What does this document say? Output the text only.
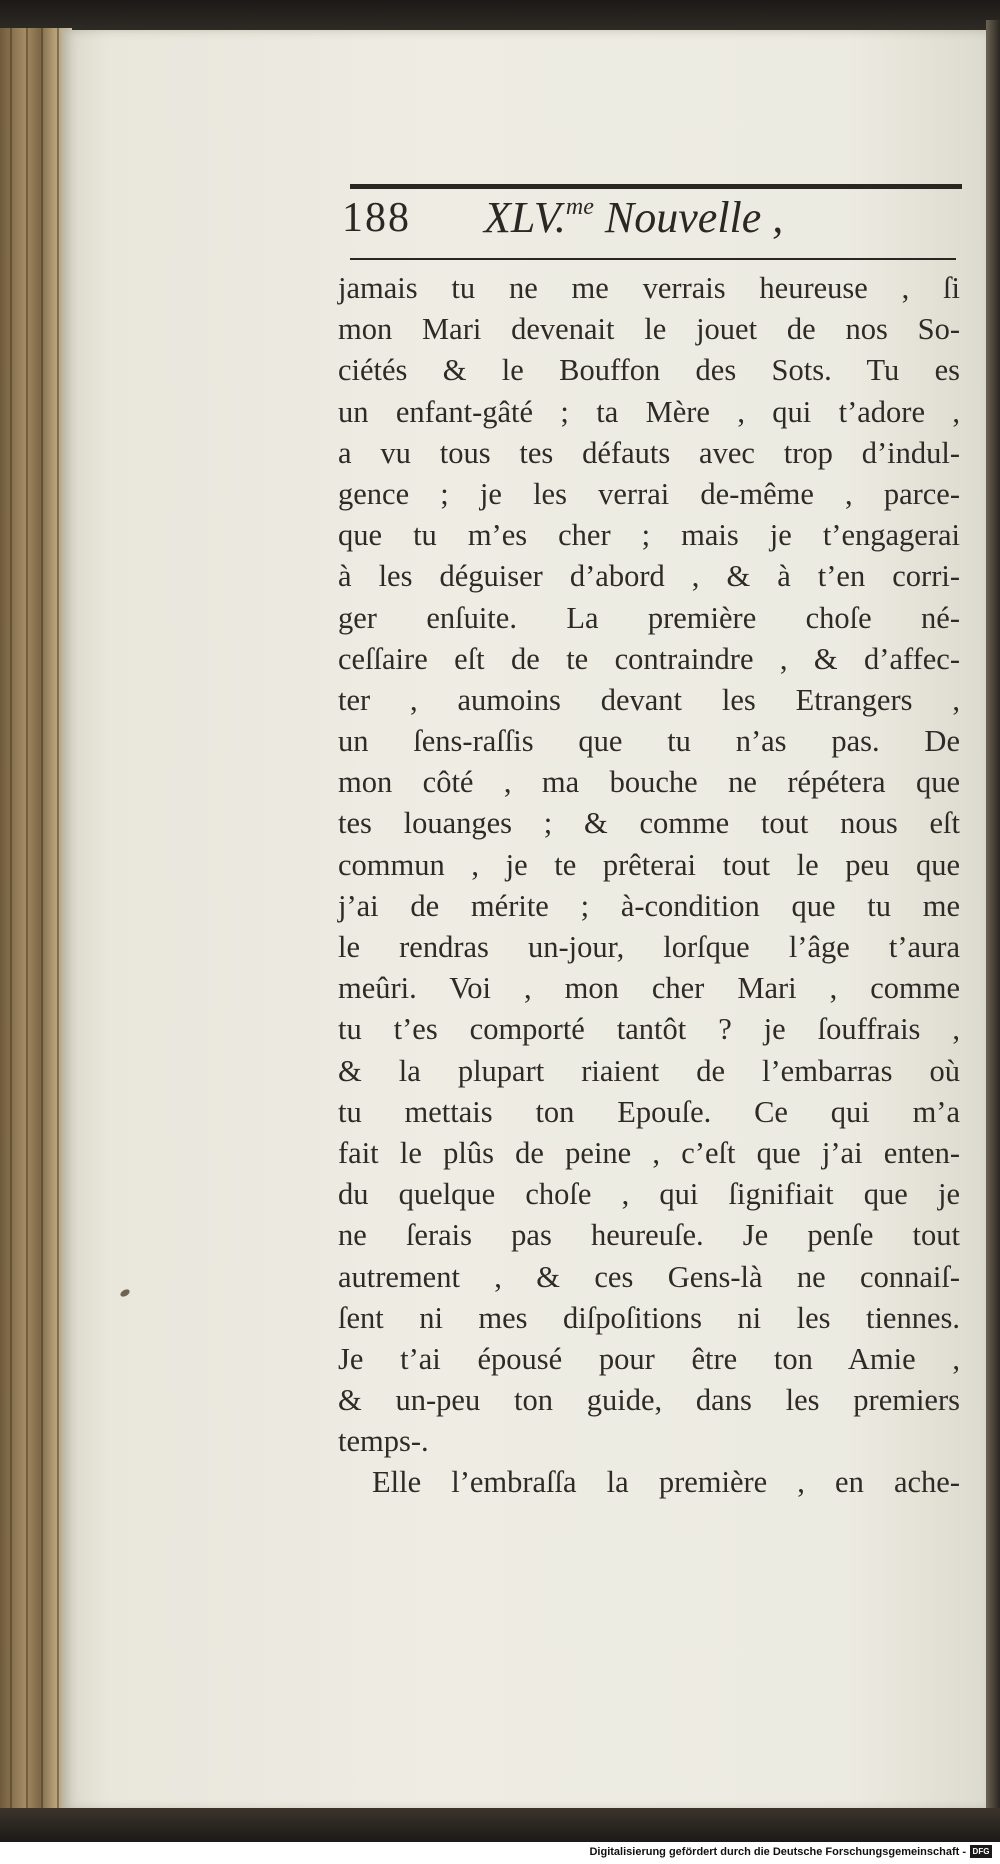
188 XLV.$^{me}$ Nouvelle ,
jamais tu ne me verrais heureuse , ſi
mon Mari devenait le jouet de nos So-
ciétés & le Bouffon des Sots. Tu es
un enfant-gâté ; ta Mère , qui t’adore ,
a vu tous tes défauts avec trop d’indul-
gence ; je les verrai de-même , parce-
que tu m’es cher ; mais je t’engagerai
à les déguiser d’abord , & à t’en corri-
ger enſuite. La première choſe né-
ceſſaire eſt de te contraindre , & d’affec-
ter , aumoins devant les Etrangers ,
un ſens-raſſis que tu n’as pas. De
mon côté , ma bouche ne répétera que
tes louanges ; & comme tout nous eſt
commun , je te prêterai tout le peu que
j’ai de mérite ; à-condition que tu me
le rendras un-jour, lorſque l’âge t’aura
meûri. Voi , mon cher Mari , comme
tu t’es comporté tantôt ? je ſouffrais ,
& la plupart riaient de l’embarras où
tu mettais ton Epouſe. Ce qui m’a
fait le plûs de peine , c’eſt que j’ai enten-
du quelque choſe , qui ſignifiait que je
ne ſerais pas heureuſe. Je penſe tout
autrement , & ces Gens-là ne connaiſ-
ſent ni mes diſpoſitions ni les tiennes.
Je t’ai épousé pour être ton Amie ,
& un-peu ton guide, dans les premiers
temps-.
Elle l’embraſſa la première , en ache-
Digitalisierung gefördert durch die Deutsche Forschungsgemeinschaft - DFG
